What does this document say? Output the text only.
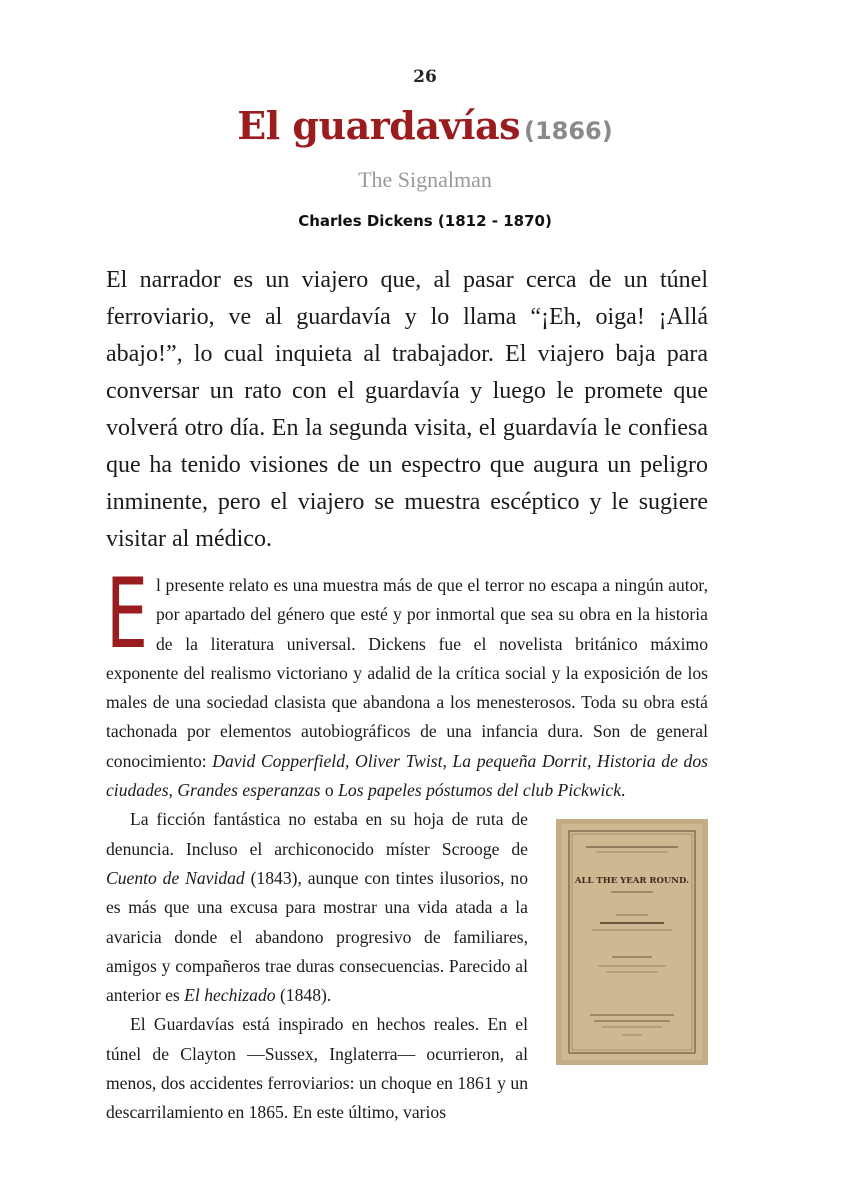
26
El guardavías (1866)
The Signalman
Charles Dickens (1812 - 1870)
El narrador es un viajero que, al pasar cerca de un túnel ferroviario, ve al guardavía y lo llama “¡Eh, oiga! ¡Allá abajo!”, lo cual inquieta al trabajador. El viajero baja para conversar un rato con el guardavía y luego le promete que volverá otro día. En la segunda visita, el guardavía le confiesa que ha tenido visiones de un espectro que augura un peligro inminente, pero el viajero se muestra escéptico y le sugiere visitar al médico.

E l presente relato es una muestra más de que el terror no escapa a ningún autor, por apartado del género que esté y por inmortal que sea su obra en la historia de la literatura universal. Dickens fue el novelista británico máximo exponente del realismo victoriano y adalid de la crítica social y la exposición de los males de una sociedad clasista que abandona a los menesterosos. Toda su obra está tachonada por elementos autobiográficos de una infancia dura. Son de general conocimiento: David Copperfield, Oliver Twist, La pequeña Dorrit, Historia de dos ciudades, Grandes esperanzas o Los papeles póstumos del club Pickwick.

ALL THE YEAR ROUND.
La ficción fantástica no estaba en su hoja de ruta de denuncia. Incluso el archiconocido míster Scrooge de Cuento de Navidad (1843), aunque con tintes ilusorios, no es más que una excusa para mostrar una vida atada a la avaricia donde el abandono progresivo de familiares, amigos y compañeros trae duras consecuencias. Parecido al anterior es El hechizado (1848).

El Guardavías está inspirado en hechos reales. En el túnel de Clayton —Sussex, Inglaterra— ocurrieron, al menos, dos accidentes ferroviarios: un choque en 1861 y un descarrilamiento en 1865. En este último, varios
